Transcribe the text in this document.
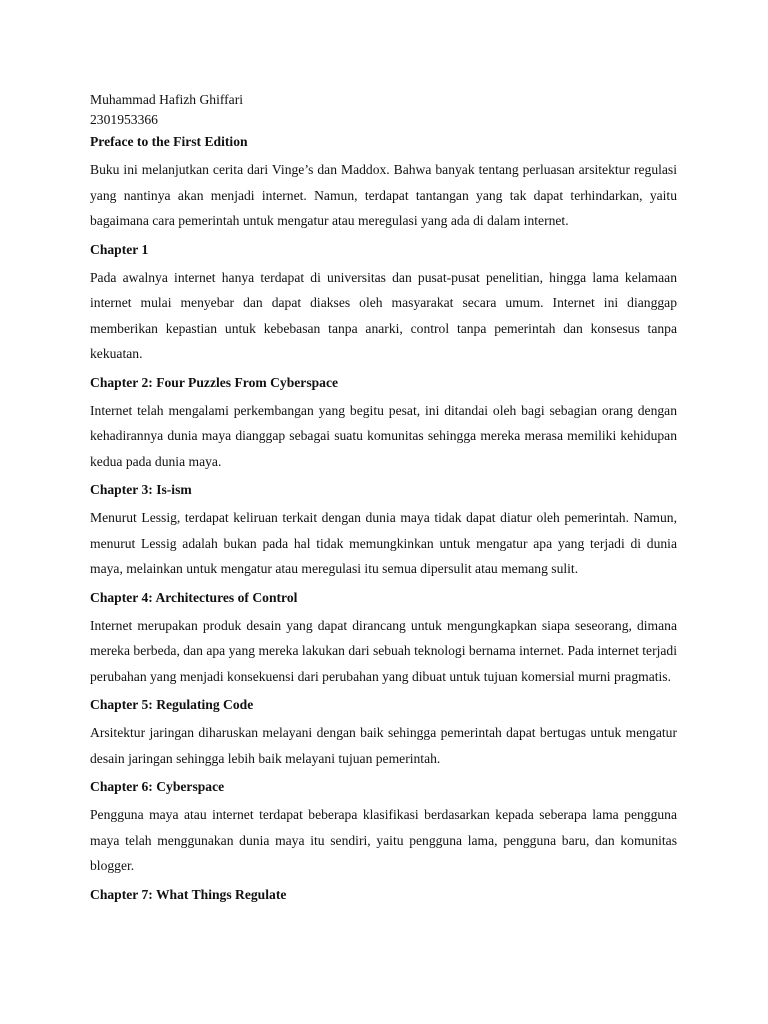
Muhammad Hafizh Ghiffari

2301953366

Preface to the First Edition

Buku ini melanjutkan cerita dari Vinge’s dan Maddox. Bahwa banyak tentang perluasan arsitektur regulasi yang nantinya akan menjadi internet. Namun, terdapat tantangan yang tak dapat terhindarkan, yaitu bagaimana cara pemerintah untuk mengatur atau meregulasi yang ada di dalam internet.

Chapter 1

Pada awalnya internet hanya terdapat di universitas dan pusat-pusat penelitian, hingga lama kelamaan internet mulai menyebar dan dapat diakses oleh masyarakat secara umum. Internet ini dianggap memberikan kepastian untuk kebebasan tanpa anarki, control tanpa pemerintah dan konsesus tanpa kekuatan.

Chapter 2: Four Puzzles From Cyberspace

Internet telah mengalami perkembangan yang begitu pesat, ini ditandai oleh bagi sebagian orang dengan kehadirannya dunia maya dianggap sebagai suatu komunitas sehingga mereka merasa memiliki kehidupan kedua pada dunia maya.

Chapter 3: Is-ism

Menurut Lessig, terdapat keliruan terkait dengan dunia maya tidak dapat diatur oleh pemerintah. Namun, menurut Lessig adalah bukan pada hal tidak memungkinkan untuk mengatur apa yang terjadi di dunia maya, melainkan untuk mengatur atau meregulasi itu semua dipersulit atau memang sulit.

Chapter 4: Architectures of Control

Internet merupakan produk desain yang dapat dirancang untuk mengungkapkan siapa seseorang, dimana mereka berbeda, dan apa yang mereka lakukan dari sebuah teknologi bernama internet. Pada internet terjadi perubahan yang menjadi konsekuensi dari perubahan yang dibuat untuk tujuan komersial murni pragmatis.

Chapter 5: Regulating Code

Arsitektur jaringan diharuskan melayani dengan baik sehingga pemerintah dapat bertugas untuk mengatur desain jaringan sehingga lebih baik melayani tujuan pemerintah.

Chapter 6: Cyberspace

Pengguna maya atau internet terdapat beberapa klasifikasi berdasarkan kepada seberapa lama pengguna maya telah menggunakan dunia maya itu sendiri, yaitu pengguna lama, pengguna baru, dan komunitas blogger.

Chapter 7: What Things Regulate
